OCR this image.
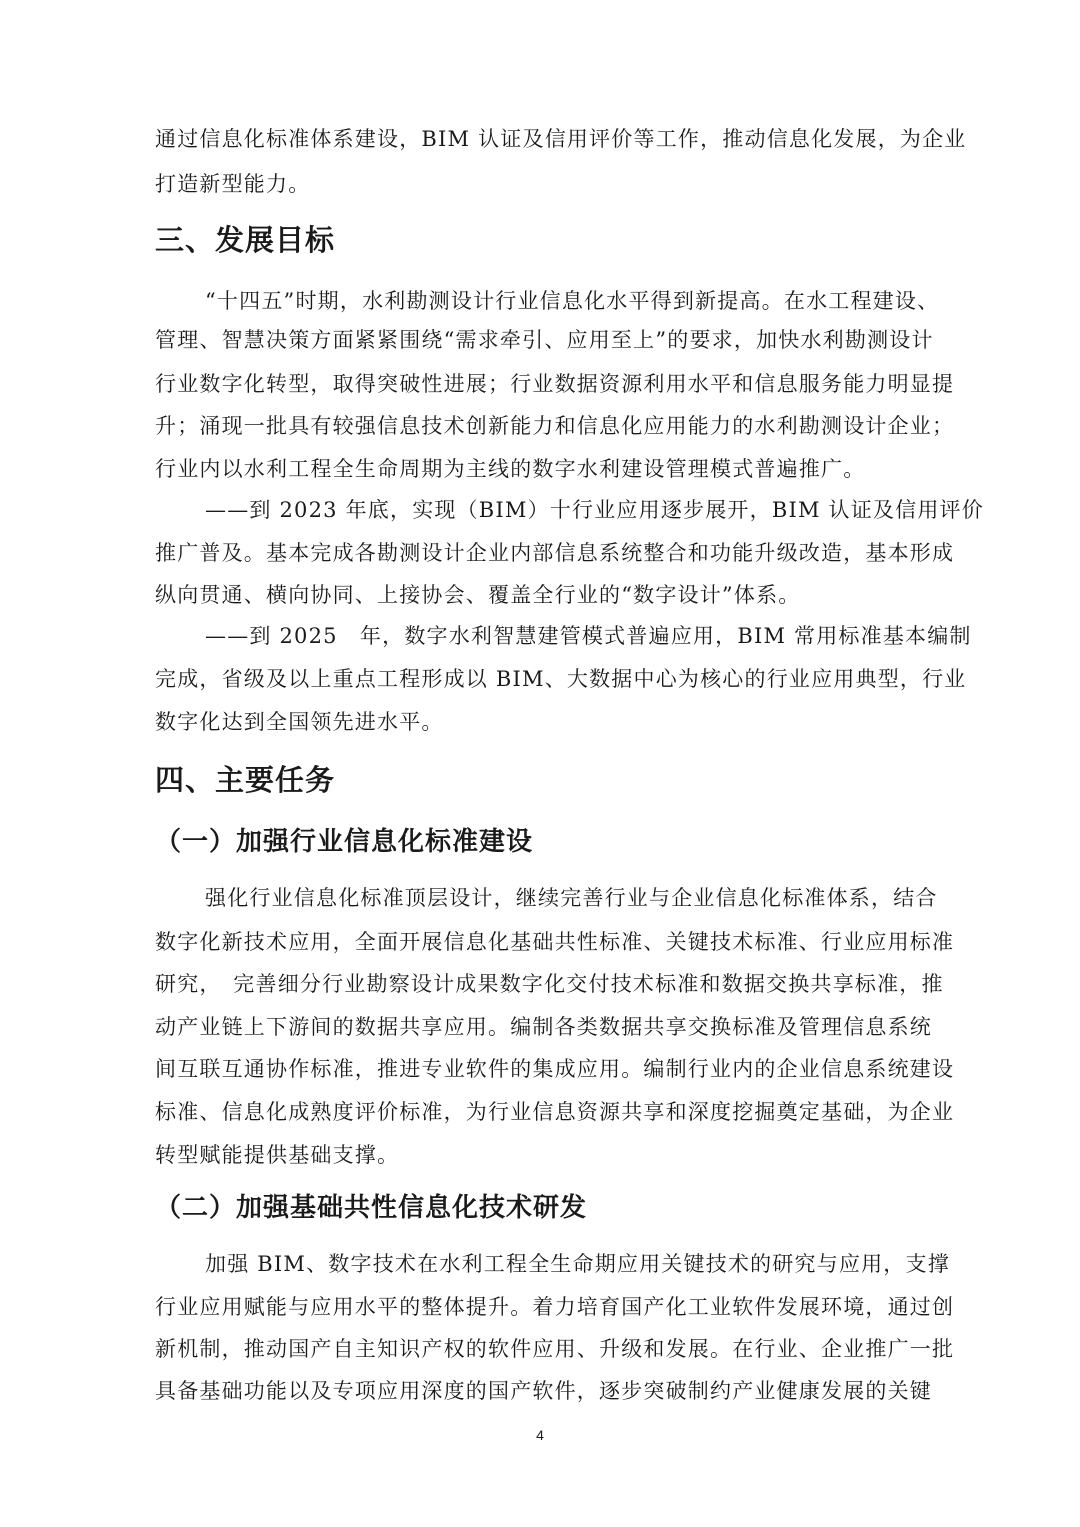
通过信息化标准体系建设，BIM 认证及信用评价等工作，推动信息化发展，为企业
打造新型能力。
三、发展目标
“十四五”时期，水利勘测设计行业信息化水平得到新提高。在水工程建设、
管理、智慧决策方面紧紧围绕“需求牵引、应用至上”的要求，加快水利勘测设计
行业数字化转型，取得突破性进展；行业数据资源利用水平和信息服务能力明显提
升；涌现一批具有较强信息技术创新能力和信息化应用能力的水利勘测设计企业；
行业内以水利工程全生命周期为主线的数字水利建设管理模式普遍推广。
——到 2023 年底，实现（BIM）十行业应用逐步展开，BIM 认证及信用评价
推广普及。基本完成各勘测设计企业内部信息系统整合和功能升级改造，基本形成
纵向贯通、横向协同、上接协会、覆盖全行业的“数字设计”体系。
——到 2025　年，数字水利智慧建管模式普遍应用，BIM 常用标准基本编制
完成，省级及以上重点工程形成以 BIM、大数据中心为核心的行业应用典型，行业
数字化达到全国领先进水平。
四、主要任务
（一）加强行业信息化标准建设
强化行业信息化标准顶层设计，继续完善行业与企业信息化标准体系，结合
数字化新技术应用，全面开展信息化基础共性标准、关键技术标准、行业应用标准
研究，　完善细分行业勘察设计成果数字化交付技术标准和数据交换共享标准，推
动产业链上下游间的数据共享应用。编制各类数据共享交换标准及管理信息系统
间互联互通协作标准，推进专业软件的集成应用。编制行业内的企业信息系统建设
标准、信息化成熟度评价标准，为行业信息资源共享和深度挖掘奠定基础，为企业
转型赋能提供基础支撑。
（二）加强基础共性信息化技术研发
加强 BIM、数字技术在水利工程全生命期应用关键技术的研究与应用，支撑
行业应用赋能与应用水平的整体提升。着力培育国产化工业软件发展环境，通过创
新机制，推动国产自主知识产权的软件应用、升级和发展。在行业、企业推广一批
具备基础功能以及专项应用深度的国产软件，逐步突破制约产业健康发展的关键
4
